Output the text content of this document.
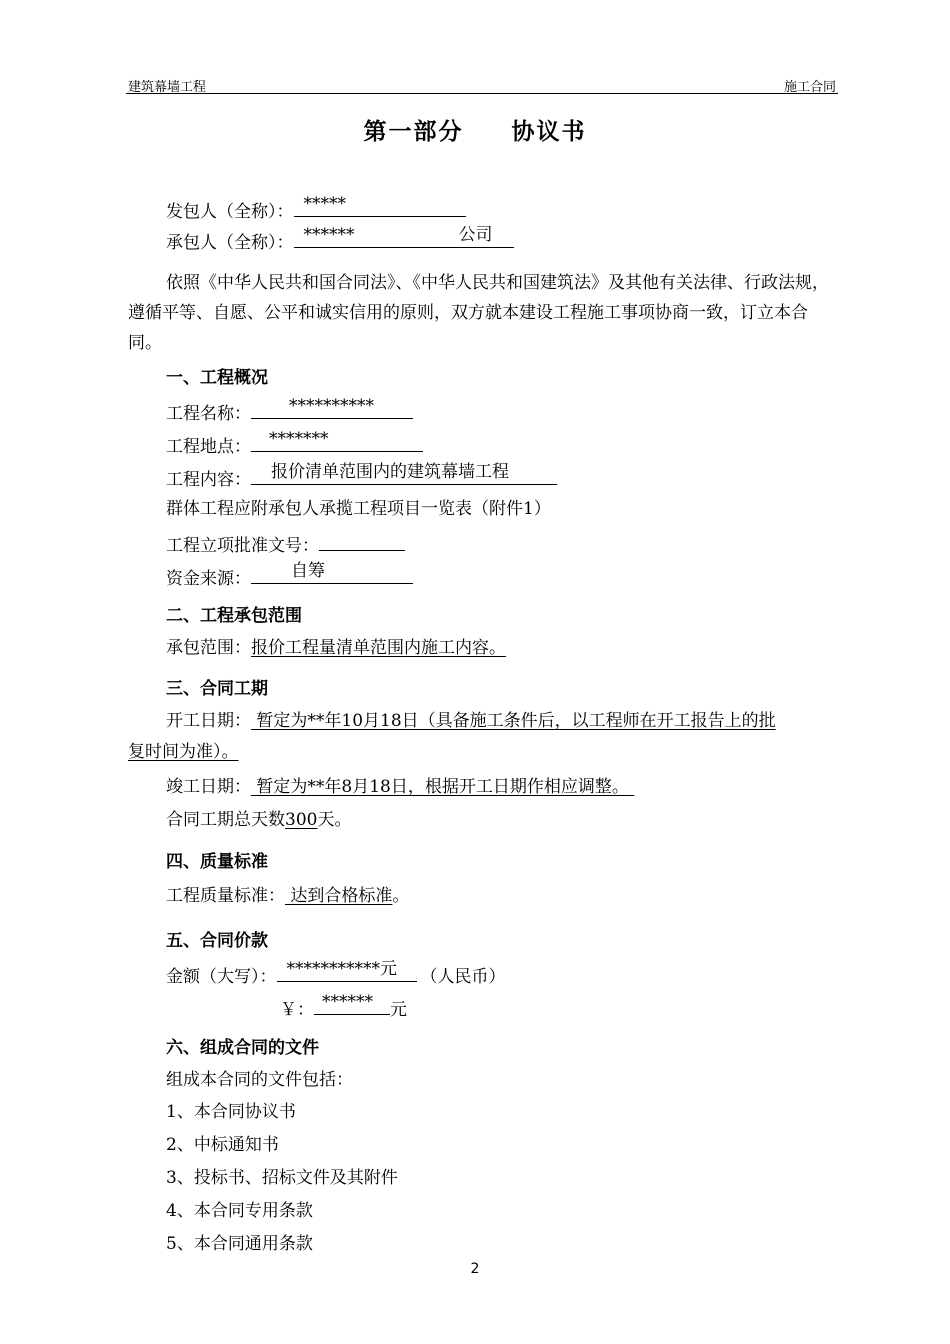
建筑幕墙工程	施工合同
第一部分 协议书
发包人（全称）： *****
承包人（全称）： ******	公司
依照《中华人民共和国合同法》、《中华人民共和国建筑法》及其他有关法律、行政法规，遵循平等、自愿、公平和诚实信用的原则，双方就本建设工程施工事项协商一致，订立本合同。
一、工程概况
工程名称： **********
工程地点： *******
工程内容： 报价清单范围内的建筑幕墙工程
群体工程应附承包人承揽工程项目一览表（附件1）
工程立项批准文号：
资金来源： 自筹
二、工程承包范围
承包范围：报价工程量清单范围内施工内容。
三、合同工期
开工日期： 暂定为**年10月18日（具备施工条件后，以工程师在开工报告上的批
复时间为准）。
竣工日期： 暂定为**年8月18日，根据开工日期作相应调整。
合同工期总天数300天。
四、质量标准
工程质量标准： 达到合格标准。
五、合同价款
金额（大写）： ***********元 （人民币）
￥： ****** 元
六、组成合同的文件
组成本合同的文件包括：
1、本合同协议书
2、中标通知书
3、投标书、招标文件及其附件
4、本合同专用条款
5、本合同通用条款
2
